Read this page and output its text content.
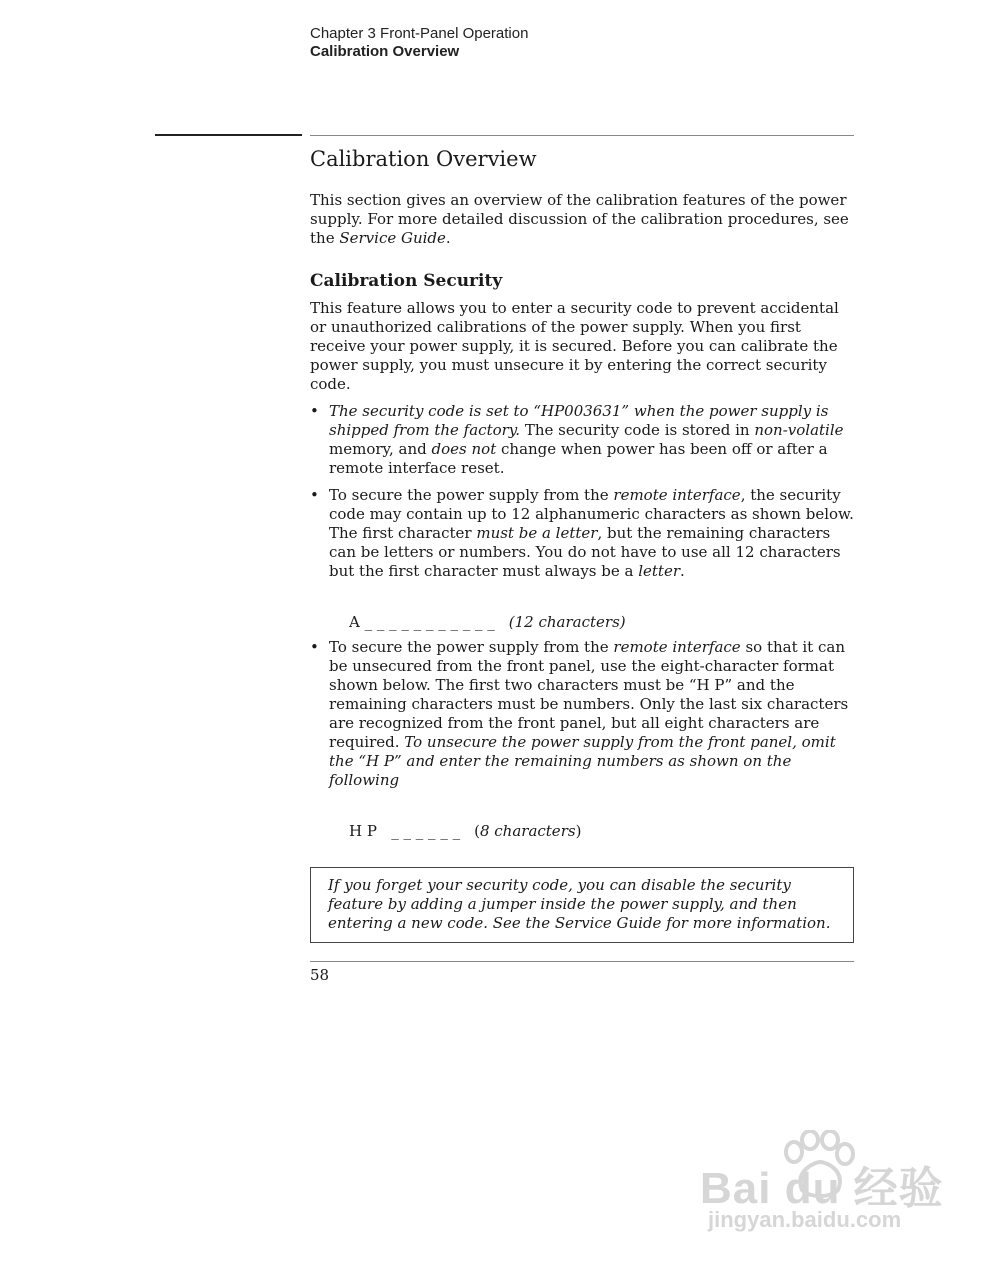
Chapter 3 Front-Panel Operation
Calibration Overview
Calibration Overview

This section gives an overview of the calibration features of the power supply. For more detailed discussion of the calibration procedures, see the Service Guide.

Calibration Security

This feature allows you to enter a security code to prevent accidental or unauthorized calibrations of the power supply. When you first receive your power supply, it is secured. Before you can calibrate the power supply, you must unsecure it by entering the correct security code.

• The security code is set to “HP003631” when the power supply is shipped from the factory. The security code is stored in non-volatile memory, and does not change when power has been off or after a remote interface reset.
• To secure the power supply from the remote interface, the security code may contain up to 12 alphanumeric characters as shown below. The first character must be a letter, but the remaining characters can be letters or numbers. You do not have to use all 12 characters but the first character must always be a letter.
A _ _ _ _ _ _ _ _ _ _ _ (12 characters)
• To secure the power supply from the remote interface so that it can be unsecured from the front panel, use the eight-character format shown below. The first two characters must be “H P” and the remaining characters must be numbers. Only the last six characters are recognized from the front panel, but all eight characters are required. To unsecure the power supply from the front panel, omit the “H P” and enter the remaining numbers as shown on the following
H P   _ _ _ _ _ _ (8 characters)
If you forget your security code, you can disable the security feature by adding a jumper inside the power supply, and then entering a new code. See the Service Guide for more information.
58
Bai du 经验
jingyan.baidu.com
